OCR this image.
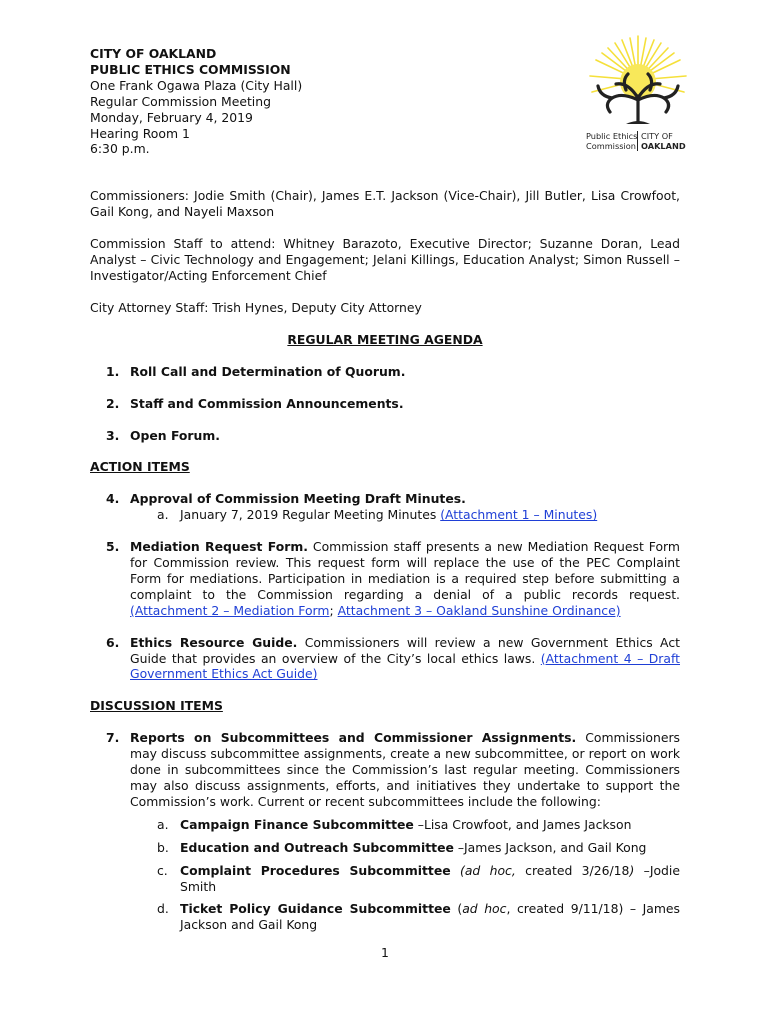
Public Ethics
Commission
CITY OF
OAKLAND
CITY OF OAKLAND
PUBLIC ETHICS COMMISSION
One Frank Ogawa Plaza (City Hall)
Regular Commission Meeting
Monday, February 4, 2019
Hearing Room 1
6:30 p.m.

Commissioners: Jodie Smith (Chair), James E.T. Jackson (Vice-Chair), Jill Butler, Lisa Crowfoot, Gail Kong, and Nayeli Maxson

Commission Staff to attend: Whitney Barazoto, Executive Director; Suzanne Doran, Lead Analyst – Civic Technology and Engagement; Jelani Killings, Education Analyst; Simon Russell – Investigator/Acting Enforcement Chief

City Attorney Staff: Trish Hynes, Deputy City Attorney

REGULAR MEETING AGENDA
1. Roll Call and Determination of Quorum.
2. Staff and Commission Announcements.
3. Open Forum.
ACTION ITEMS
4. Approval of Commission Meeting Draft Minutes.
a. January 7, 2019 Regular Meeting Minutes (Attachment 1 – Minutes)
5. Mediation Request Form. Commission staff presents a new Mediation Request Form for Commission review. This request form will replace the use of the PEC Complaint Form for mediations. Participation in mediation is a required step before submitting a complaint to the Commission regarding a denial of a public records request. (Attachment 2 – Mediation Form; Attachment 3 – Oakland Sunshine Ordinance)
6. Ethics Resource Guide. Commissioners will review a new Government Ethics Act Guide that provides an overview of the City’s local ethics laws. (Attachment 4 – Draft Government Ethics Act Guide)
DISCUSSION ITEMS
7. Reports on Subcommittees and Commissioner Assignments. Commissioners may discuss subcommittee assignments, create a new subcommittee, or report on work done in subcommittees since the Commission’s last regular meeting. Commissioners may also discuss assignments, efforts, and initiatives they undertake to support the Commission’s work. Current or recent subcommittees include the following:
a. Campaign Finance Subcommittee –Lisa Crowfoot, and James Jackson
b. Education and Outreach Subcommittee –James Jackson, and Gail Kong
c. Complaint Procedures Subcommittee (ad hoc, created 3/26/18) –Jodie Smith
d. Ticket Policy Guidance Subcommittee (ad hoc, created 9/11/18) – James Jackson and Gail Kong
1
